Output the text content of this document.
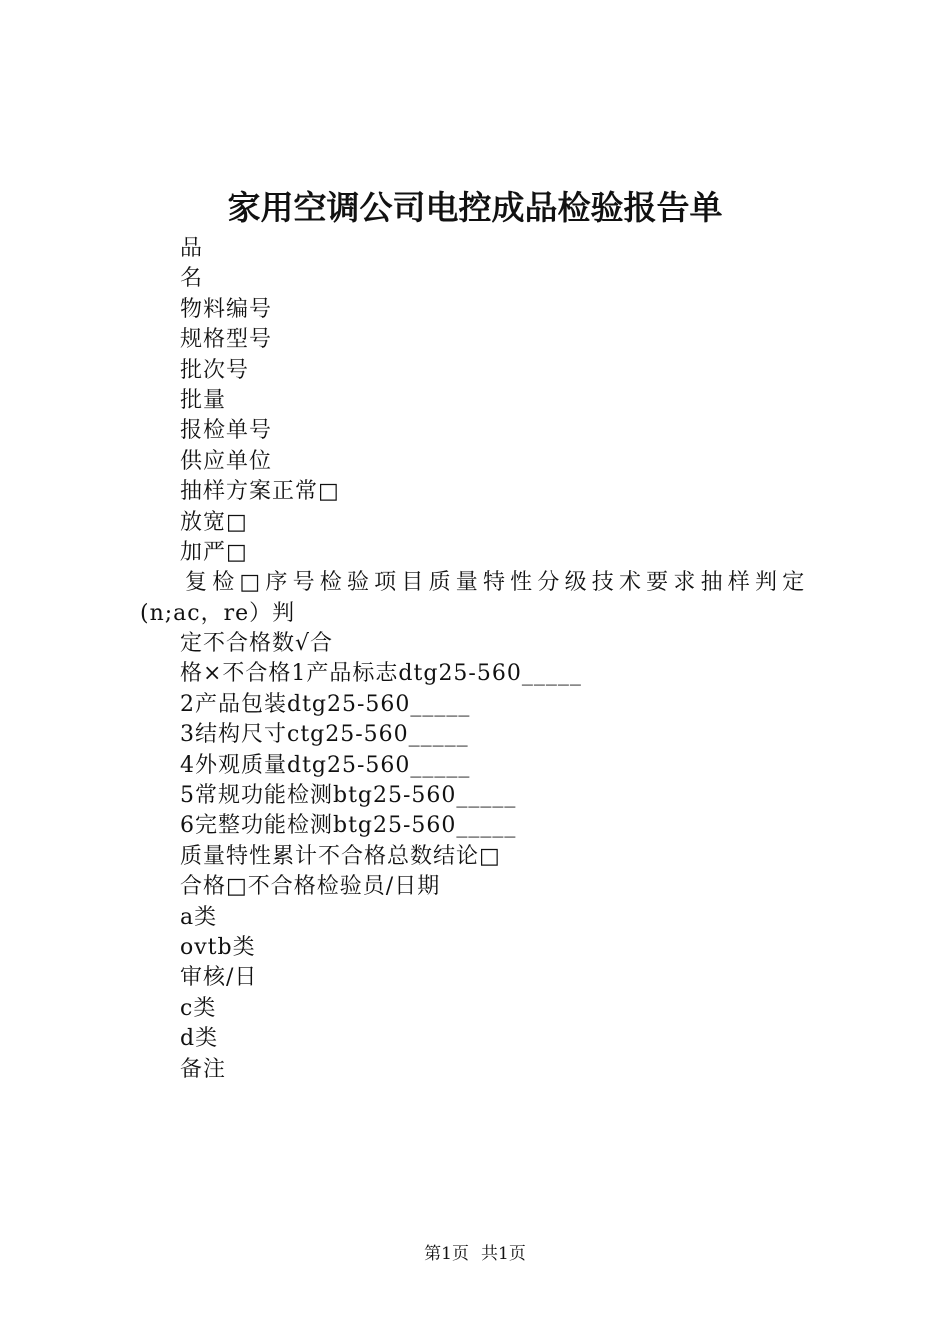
家用空调公司电控成品检验报告单
品
名
物料编号
规格型号
批次号
批量
报检单号
供应单位
抽样方案正常□
放宽□
加严□
复检□序号检验项目质量特性分级技术要求抽样判定
(n;ac，re）判
定不合格数√合
格×不合格1产品标志dtg25-560_____
2产品包装dtg25-560_____
3结构尺寸ctg25-560_____
4外观质量dtg25-560_____
5常规功能检测btg25-560_____
6完整功能检测btg25-560_____
质量特性累计不合格总数结论□
合格□不合格检验员/日期
a类
ovtb类
审核/日
c类
d类
备注
第1页 共1页
